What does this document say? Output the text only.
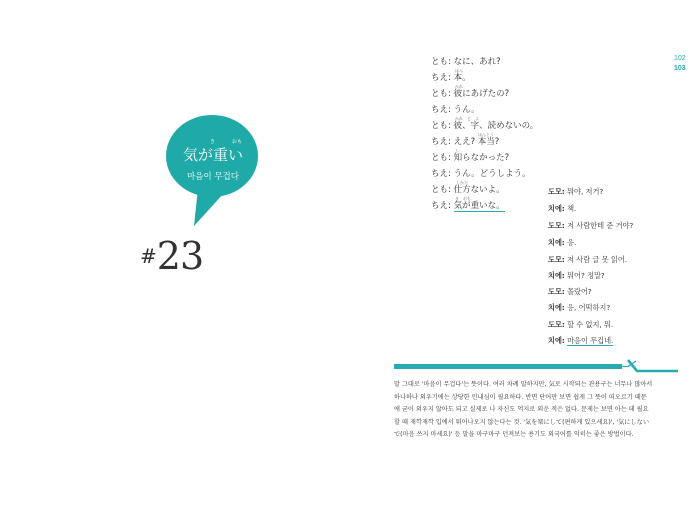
き	おも
気が重い
마음이 무겁다
#23
102
103
とも: なに、あれ?
ほん
ちえ: 本。
かれ
とも: 彼にあげたの?
ちえ: うん。
かれ　じ　よ
とも: 彼、字、読めないの。
ほんとう
ちえ: ええ? 本当?
し
とも: 知らなかった?
ちえ: うん。どうしよう。
しかた
とも: 仕方ないよ。
き　おも
ちえ: 気が重いな。
도모: 뭐야, 저거?
치에: 책.
도모: 저 사람한테 준 거야?
치에: 응.
도모: 저 사람 글 못 읽어.
치에: 뭐어? 정말?
도모: 몰랐어?
치에: 응, 어떡하지?
도모: 할 수 없지, 뭐.
치에: 마음이 무겁네.

말 그대로 '마음이 무겁다'는 뜻이다. 여러 차례 말하지만, 気로 시작되는 관용구는 너무나 많아서

하나하나 외우기에는 상당한 인내심이 필요하다. 반면 단어만 보면 쉽게 그 뜻이 떠오르기 때문

에 굳이 외우지 않아도 되고 실제로 나 자신도 억지로 외운 적은 없다. 문제는 보면 아는 데 필요

할 때 재깍재깍 입에서 튀어나오지 않는다는 것. '気を楽にして(편하게 있으세요)', '気にしない

で(마음 쓰지 마세요)' 등 말을 마구마구 던져보는 용기도 외국어를 익히는 좋은 방법이다.
